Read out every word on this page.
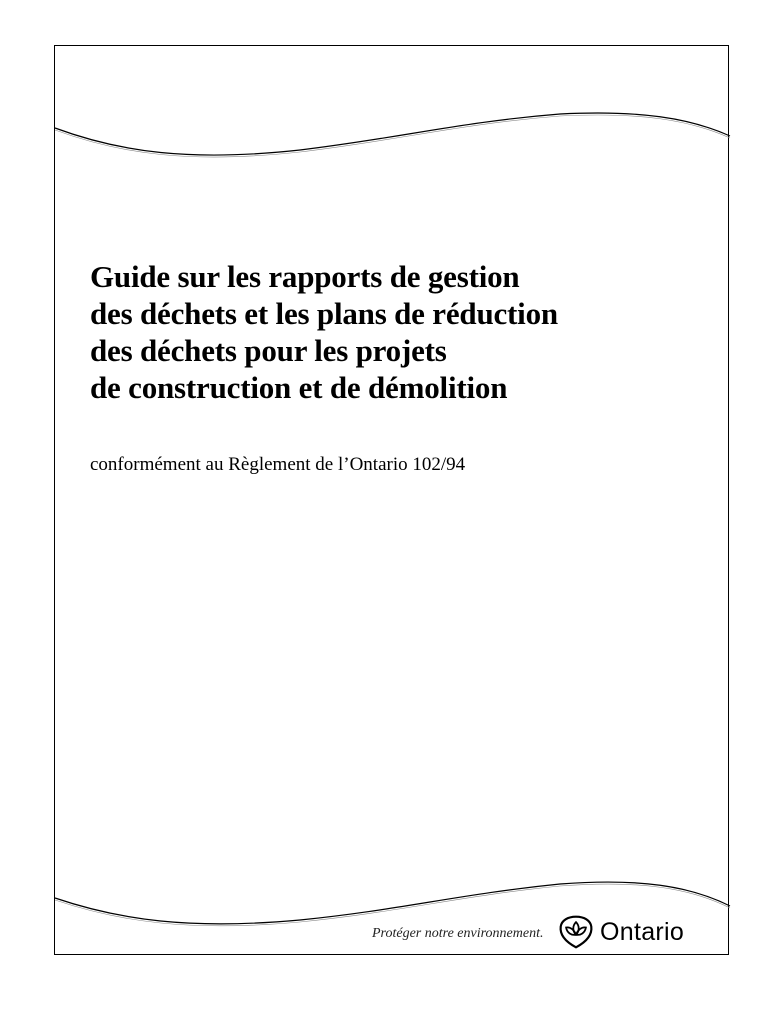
Guide sur les rapports de gestion
des déchets et les plans de réduction
des déchets pour les projets
de construction et de démolition

conformément au Règlement de l’Ontario 102/94

Protéger notre environnement. Ontario
